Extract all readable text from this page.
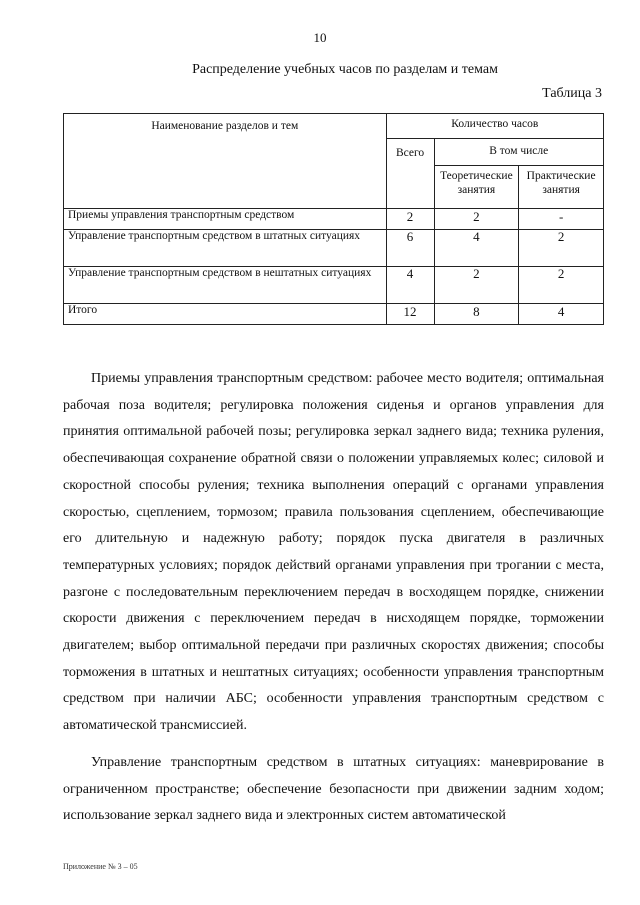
10
Распределение учебных часов по разделам и темам
Таблица 3
Наименование разделов и тем	Количество часов		
	Всего	В том числе	
		Теоретические занятия	Практические занятия
Приемы управления транспортным средством	2	2	-
Управление транспортным средством в штатных ситуациях	6	4	2
Управление транспортным средством в нештатных ситуациях	4	2	2
Итого	12	8	4

Приемы управления транспортным средством: рабочее место водителя; оптимальная рабочая поза водителя; регулировка положения сиденья и органов управления для принятия оптимальной рабочей позы; регулировка зеркал заднего вида; техника руления, обеспечивающая сохранение обратной связи о положении управляемых колес; силовой и скоростной способы руления; техника выполнения операций с органами управления скоростью, сцеплением, тормозом; правила пользования сцеплением, обеспечивающие его длительную и надежную работу; порядок пуска двигателя в различных температурных условиях; порядок действий органами управления при трогании с места, разгоне с последовательным переключением передач в восходящем порядке, снижении скорости движения с переключением передач в нисходящем порядке, торможении двигателем; выбор оптимальной передачи при различных скоростях движения; способы торможения в штатных и нештатных ситуациях; особенности управления транспортным средством при наличии АБС; особенности управления транспортным средством с автоматической трансмиссией.

Управление транспортным средством в штатных ситуациях: маневрирование в ограниченном пространстве; обеспечение безопасности при движении задним ходом; использование зеркал заднего вида и электронных систем автоматической

Приложение № 3 – 05
